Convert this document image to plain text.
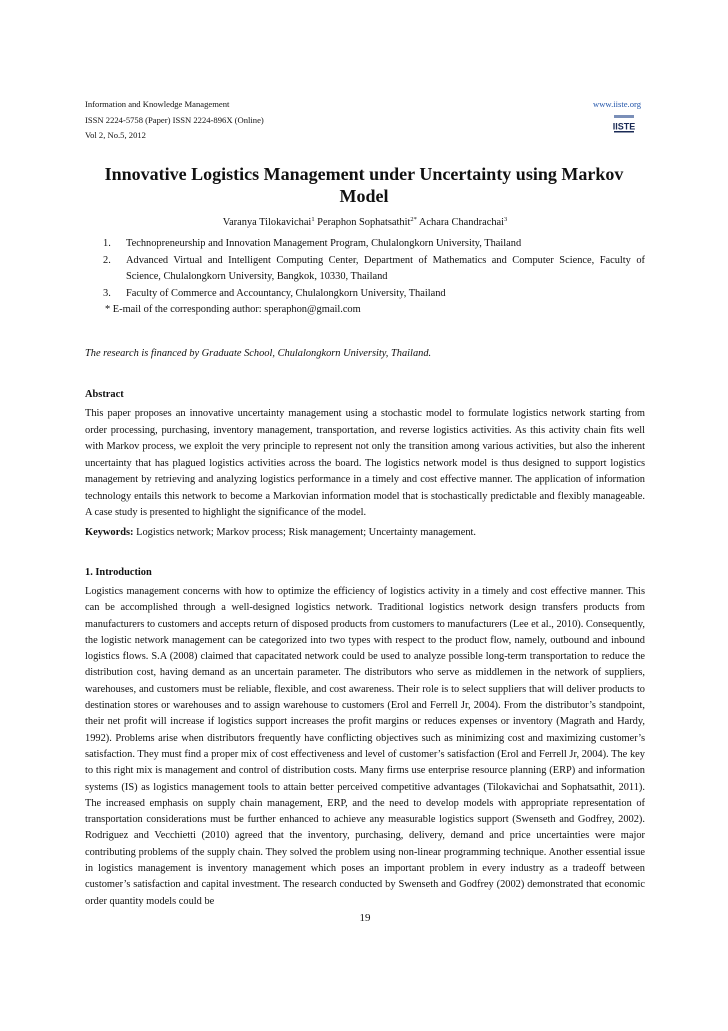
Information and Knowledge Management
ISSN 2224-5758 (Paper) ISSN 2224-896X (Online)
Vol 2, No.5, 2012
www.iiste.org
IISTE
Innovative Logistics Management under Uncertainty using Markov Model
Varanya Tilokavichai$^1$ Peraphon Sophatsathit$^{2*}$ Achara Chandrachai$^3$
1. Technopreneurship and Innovation Management Program, Chulalongkorn University, Thailand
2. Advanced Virtual and Intelligent Computing Center, Department of Mathematics and Computer Science, Faculty of Science, Chulalongkorn University, Bangkok, 10330, Thailand
3. Faculty of Commerce and Accountancy, Chulalongkorn University, Thailand
* E-mail of the corresponding author: speraphon@gmail.com
The research is financed by Graduate School, Chulalongkorn University, Thailand.
Abstract
This paper proposes an innovative uncertainty management using a stochastic model to formulate logistics network starting from order processing, purchasing, inventory management, transportation, and reverse logistics activities. As this activity chain fits well with Markov process, we exploit the very principle to represent not only the transition among various activities, but also the inherent uncertainty that has plagued logistics activities across the board. The logistics network model is thus designed to support logistics management by retrieving and analyzing logistics performance in a timely and cost effective manner. The application of information technology entails this network to become a Markovian information model that is stochastically predictable and flexibly manageable. A case study is presented to highlight the significance of the model.
Keywords: Logistics network; Markov process; Risk management; Uncertainty management.
1. Introduction
Logistics management concerns with how to optimize the efficiency of logistics activity in a timely and cost effective manner. This can be accomplished through a well-designed logistics network. Traditional logistics network design transfers products from manufacturers to customers and accepts return of disposed products from customers to manufacturers (Lee et al., 2010). Consequently, the logistic network management can be categorized into two types with respect to the product flow, namely, outbound and inbound logistics flows. S.A (2008) claimed that capacitated network could be used to analyze possible long-term transportation to reduce the distribution cost, having demand as an uncertain parameter. The distributors who serve as middlemen in the network of suppliers, warehouses, and customers must be reliable, flexible, and cost awareness. Their role is to select suppliers that will deliver products to destination stores or warehouses and to assign warehouse to customers (Erol and Ferrell Jr, 2004). From the distributor’s standpoint, their net profit will increase if logistics support increases the profit margins or reduces expenses or inventory (Magrath and Hardy, 1992). Problems arise when distributors frequently have conflicting objectives such as minimizing cost and maximizing customer’s satisfaction. They must find a proper mix of cost effectiveness and level of customer’s satisfaction (Erol and Ferrell Jr, 2004). The key to this right mix is management and control of distribution costs. Many firms use enterprise resource planning (ERP) and information systems (IS) as logistics management tools to attain better perceived competitive advantages (Tilokavichai and Sophatsathit, 2011). The increased emphasis on supply chain management, ERP, and the need to develop models with appropriate representation of transportation considerations must be further enhanced to achieve any measurable logistics support (Swenseth and Godfrey, 2002). Rodriguez and Vecchietti (2010) agreed that the inventory, purchasing, delivery, demand and price uncertainties were major contributing problems of the supply chain. They solved the problem using non-linear programming technique. Another essential issue in logistics management is inventory management which poses an important problem in every industry as a tradeoff between customer’s satisfaction and capital investment. The research conducted by Swenseth and Godfrey (2002) demonstrated that economic order quantity models could be
19
